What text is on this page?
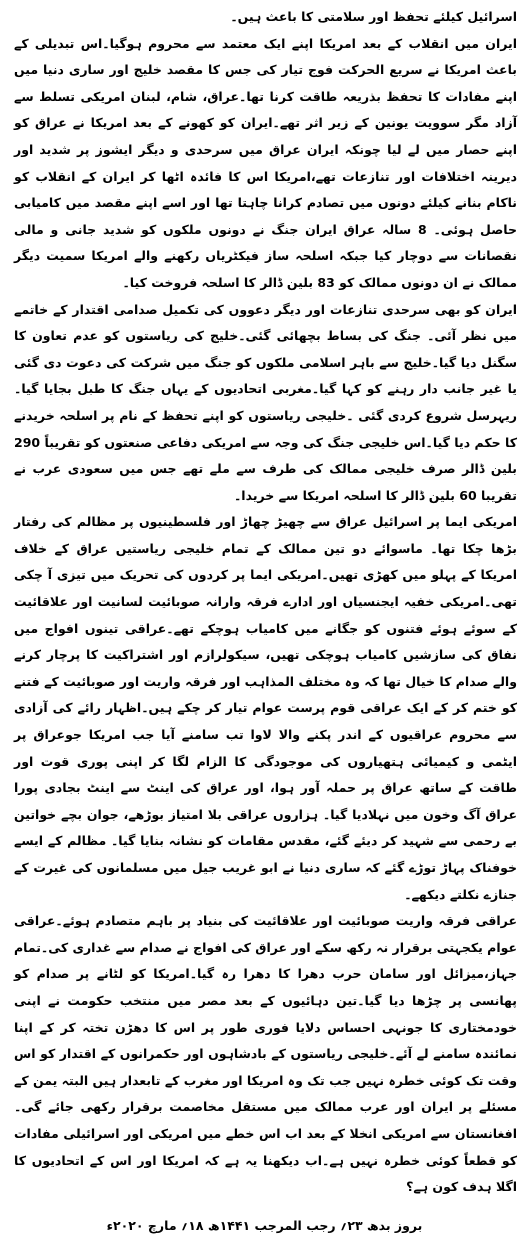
اسرائیل کیلئے تحفظ اور سلامتی کا باعث ہیں۔

ایران میں انقلاب کے بعد امریکا اپنے ایک معتمد سے محروم ہوگیا۔اس تبدیلی کے باعث امریکا نے سریع الحرکت فوج تیار کی جس کا مقصد خلیج اور ساری دنیا میں اپنے مفادات کا تحفظ بذریعہ طاقت کرنا تھا۔عراق، شام، لبنان امریکی تسلط سے آزاد مگر سوویت یونین کے زیر اثر تھے۔ایران کو کھونے کے بعد امریکا نے عراق کو اپنے حصار میں لے لیا چونکہ ایران عراق میں سرحدی و دیگر ایشوز پر شدید اور دیرینہ اختلافات اور تنازعات تھے،امریکا اس کا فائدہ اٹھا کر ایران کے انقلاب کو ناکام بنانے کیلئے دونوں میں تصادم کرانا چاہتا تھا اور اسے اپنے مقصد میں کامیابی حاصل ہوئی۔ 8 سالہ عراق ایران جنگ نے دونوں ملکوں کو شدید جانی و مالی نقصانات سے دوچار کیا جبکہ اسلحہ ساز فیکٹریاں رکھنے والے امریکا سمیت دیگر ممالک نے ان دونوں ممالک کو 83 بلین ڈالر کا اسلحہ فروخت کیا۔

ایران کو بھی سرحدی تنازعات اور دیگر دعووں کی تکمیل صدامی اقتدار کے خاتمے میں نظر آئی۔ جنگ کی بساط بچھائی گئی۔خلیج کی ریاستوں کو عدم تعاون کا سگنل دیا گیا۔خلیج سے باہر اسلامی ملکوں کو جنگ میں شرکت کی دعوت دی گئی یا غیر جانب دار رہنے کو کہا گیا۔مغربی اتحادیوں کے یہاں جنگ کا طبل بجایا گیا۔ریہرسل شروع کردی گئی ۔خلیجی ریاستوں کو اپنے تحفظ کے نام پر اسلحہ خریدنے کا حکم دیا گیا۔اس خلیجی جنگ کی وجہ سے امریکی دفاعی صنعتوں کو تقریباً 290 بلین ڈالر صرف خلیجی ممالک کی طرف سے ملے تھے جس میں سعودی عرب نے تقریبا 60 بلین ڈالر کا اسلحہ امریکا سے خریدا۔

امریکی ایما پر اسرائیل عراق سے چھیڑ چھاڑ اور فلسطینیوں پر مظالم کی رفتار بڑھا چکا تھا۔ ماسوائے دو تین ممالک کے تمام خلیجی ریاستیں عراق کے خلاف امریکا کے پہلو میں کھڑی تھیں۔امریکی ایما پر کردوں کی تحریک میں تیزی آ چکی تھی۔امریکی خفیہ ایجنسیاں اور ادارے فرقہ وارانہ صوبائیت لسانیت اور علاقائیت کے سوئے ہوئے فتنوں کو جگانے میں کامیاب ہوچکے تھے۔عراقی تینوں افواج میں نفاق کی سازشیں کامیاب ہوچکی تھیں، سیکولرازم اور اشتراکیت کا پرچار کرنے والے صدام کا خیال تھا کہ وہ مختلف المذاہب اور فرقہ واریت اور صوبائیت کے فتنے کو ختم کر کے ایک عراقی قوم پرست عوام تیار کر چکے ہیں۔اظہار رائے کی آزادی سے محروم عراقیوں کے اندر پکنے والا لاوا تب سامنے آیا جب امریکا جوعراق پر ایٹمی و کیمیائی ہتھیاروں کی موجودگی کا الزام لگا کر اپنی پوری قوت اور طاقت کے ساتھ عراق پر حملہ آور ہوا، اور عراق کی اینٹ سے اینٹ بجادی پورا عراق آگ وخون میں نہلادیا گیا۔ ہزاروں عراقی بلا امتیاز بوڑھے، جوان بچے خواتین بے رحمی سے شہید کر دیئے گئے، مقدس مقامات کو نشانہ بنایا گیا۔ مظالم کے ایسے خوفناک پہاڑ توڑے گئے کہ ساری دنیا نے ابو غریب جیل میں مسلمانوں کی غیرت کے جنازے نکلتے دیکھے۔

عراقی فرقہ واریت صوبائیت اور علاقائیت کی بنیاد پر باہم متصادم ہوئے۔عراقی عوام یکجہتی برقرار نہ رکھ سکے اور عراق کی افواج نے صدام سے غداری کی۔تمام جہاز،میزائل اور سامان حرب دھرا کا دھرا رہ گیا۔امریکا کو لٹانے پر صدام کو پھانسی پر چڑھا دیا گیا۔تین دہائیوں کے بعد مصر میں منتخب حکومت نے اپنی خودمختاری کا جونہی احساس دلایا فوری طور پر اس کا دھڑن تختہ کر کے اپنا نمائندہ سامنے لے آئے۔خلیجی ریاستوں کے بادشاہوں اور حکمرانوں کے اقتدار کو اس وقت تک کوئی خطرہ نہیں جب تک وہ امریکا اور مغرب کے تابعدار ہیں البتہ یمن کے مسئلے پر ایران اور عرب ممالک میں مستقل مخاصمت برقرار رکھی جائے گی۔افغانستان سے امریکی انخلا کے بعد اب اس خطے میں امریکی اور اسرائیلی مفادات کو قطعاً کوئی خطرہ نہیں ہے۔اب دیکھنا یہ ہے کہ امریکا اور اس کے اتحادیوں کا اگلا ہدف کون ہے؟

بروز بدھ ۲۳؍ رجب المرجب ۱۴۴۱ھ ۱۸؍ مارچ ۲۰۲۰ء
